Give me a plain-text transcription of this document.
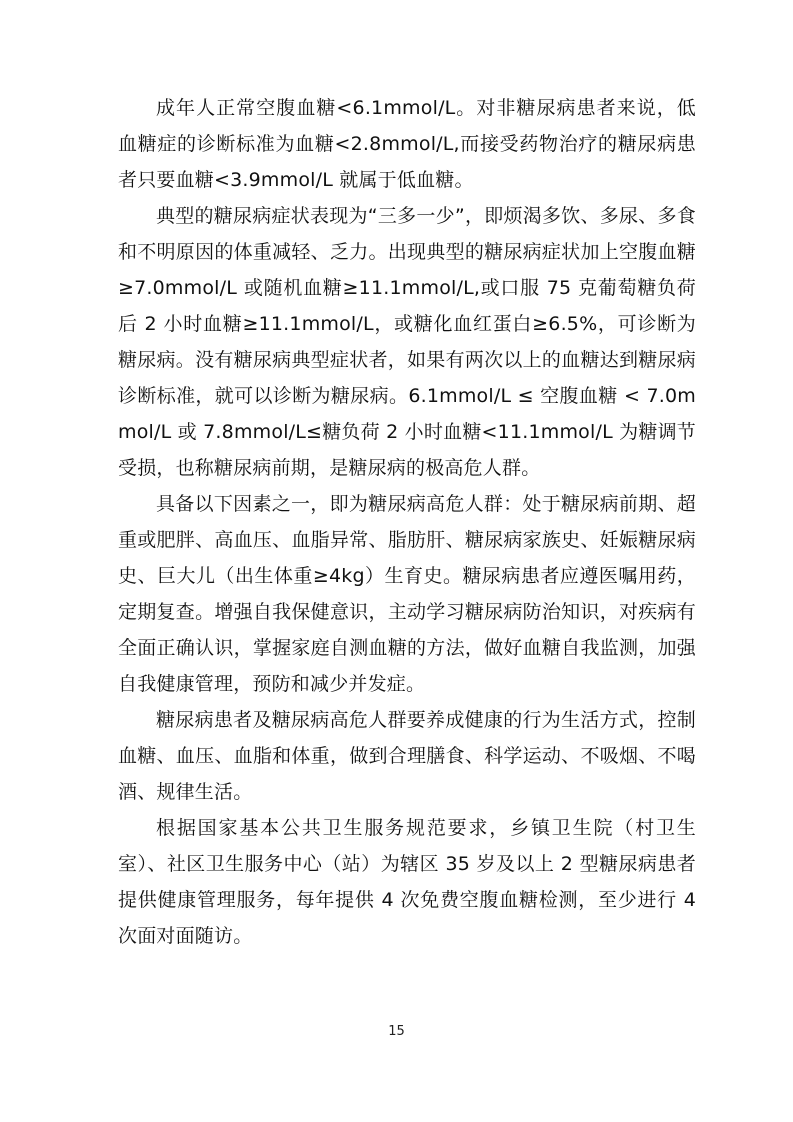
成年人正常空腹血糖<6.1mmol/L。对非糖尿病患者来说，低血糖症的诊断标准为血糖<2.8mmol/L,而接受药物治疗的糖尿病患者只要血糖<3.9mmol/L 就属于低血糖。

典型的糖尿病症状表现为“三多一少”，即烦渴多饮、多尿、多食和不明原因的体重减轻、乏力。出现典型的糖尿病症状加上空腹血糖≥7.0mmol/L 或随机血糖≥11.1mmol/L,或口服 75 克葡萄糖负荷后 2 小时血糖≥11.1mmol/L，或糖化血红蛋白≥6.5%，可诊断为糖尿病。没有糖尿病典型症状者，如果有两次以上的血糖达到糖尿病诊断标准，就可以诊断为糖尿病。6.1mmol/L ≤ 空腹血糖 < 7.0mmol/L 或 7.8mmol/L≤糖负荷 2 小时血糖<11.1mmol/L 为糖调节受损，也称糖尿病前期，是糖尿病的极高危人群。

具备以下因素之一，即为糖尿病高危人群：处于糖尿病前期、超重或肥胖、高血压、血脂异常、脂肪肝、糖尿病家族史、妊娠糖尿病史、巨大儿（出生体重≥4kg）生育史。糖尿病患者应遵医嘱用药，定期复查。增强自我保健意识，主动学习糖尿病防治知识，对疾病有全面正确认识，掌握家庭自测血糖的方法，做好血糖自我监测，加强自我健康管理，预防和减少并发症。

糖尿病患者及糖尿病高危人群要养成健康的行为生活方式，控制血糖、血压、血脂和体重，做到合理膳食、科学运动、不吸烟、不喝酒、规律生活。

根据国家基本公共卫生服务规范要求，乡镇卫生院（村卫生室）、社区卫生服务中心（站）为辖区 35 岁及以上 2 型糖尿病患者提供健康管理服务，每年提供 4 次免费空腹血糖检测，至少进行 4 次面对面随访。

15
